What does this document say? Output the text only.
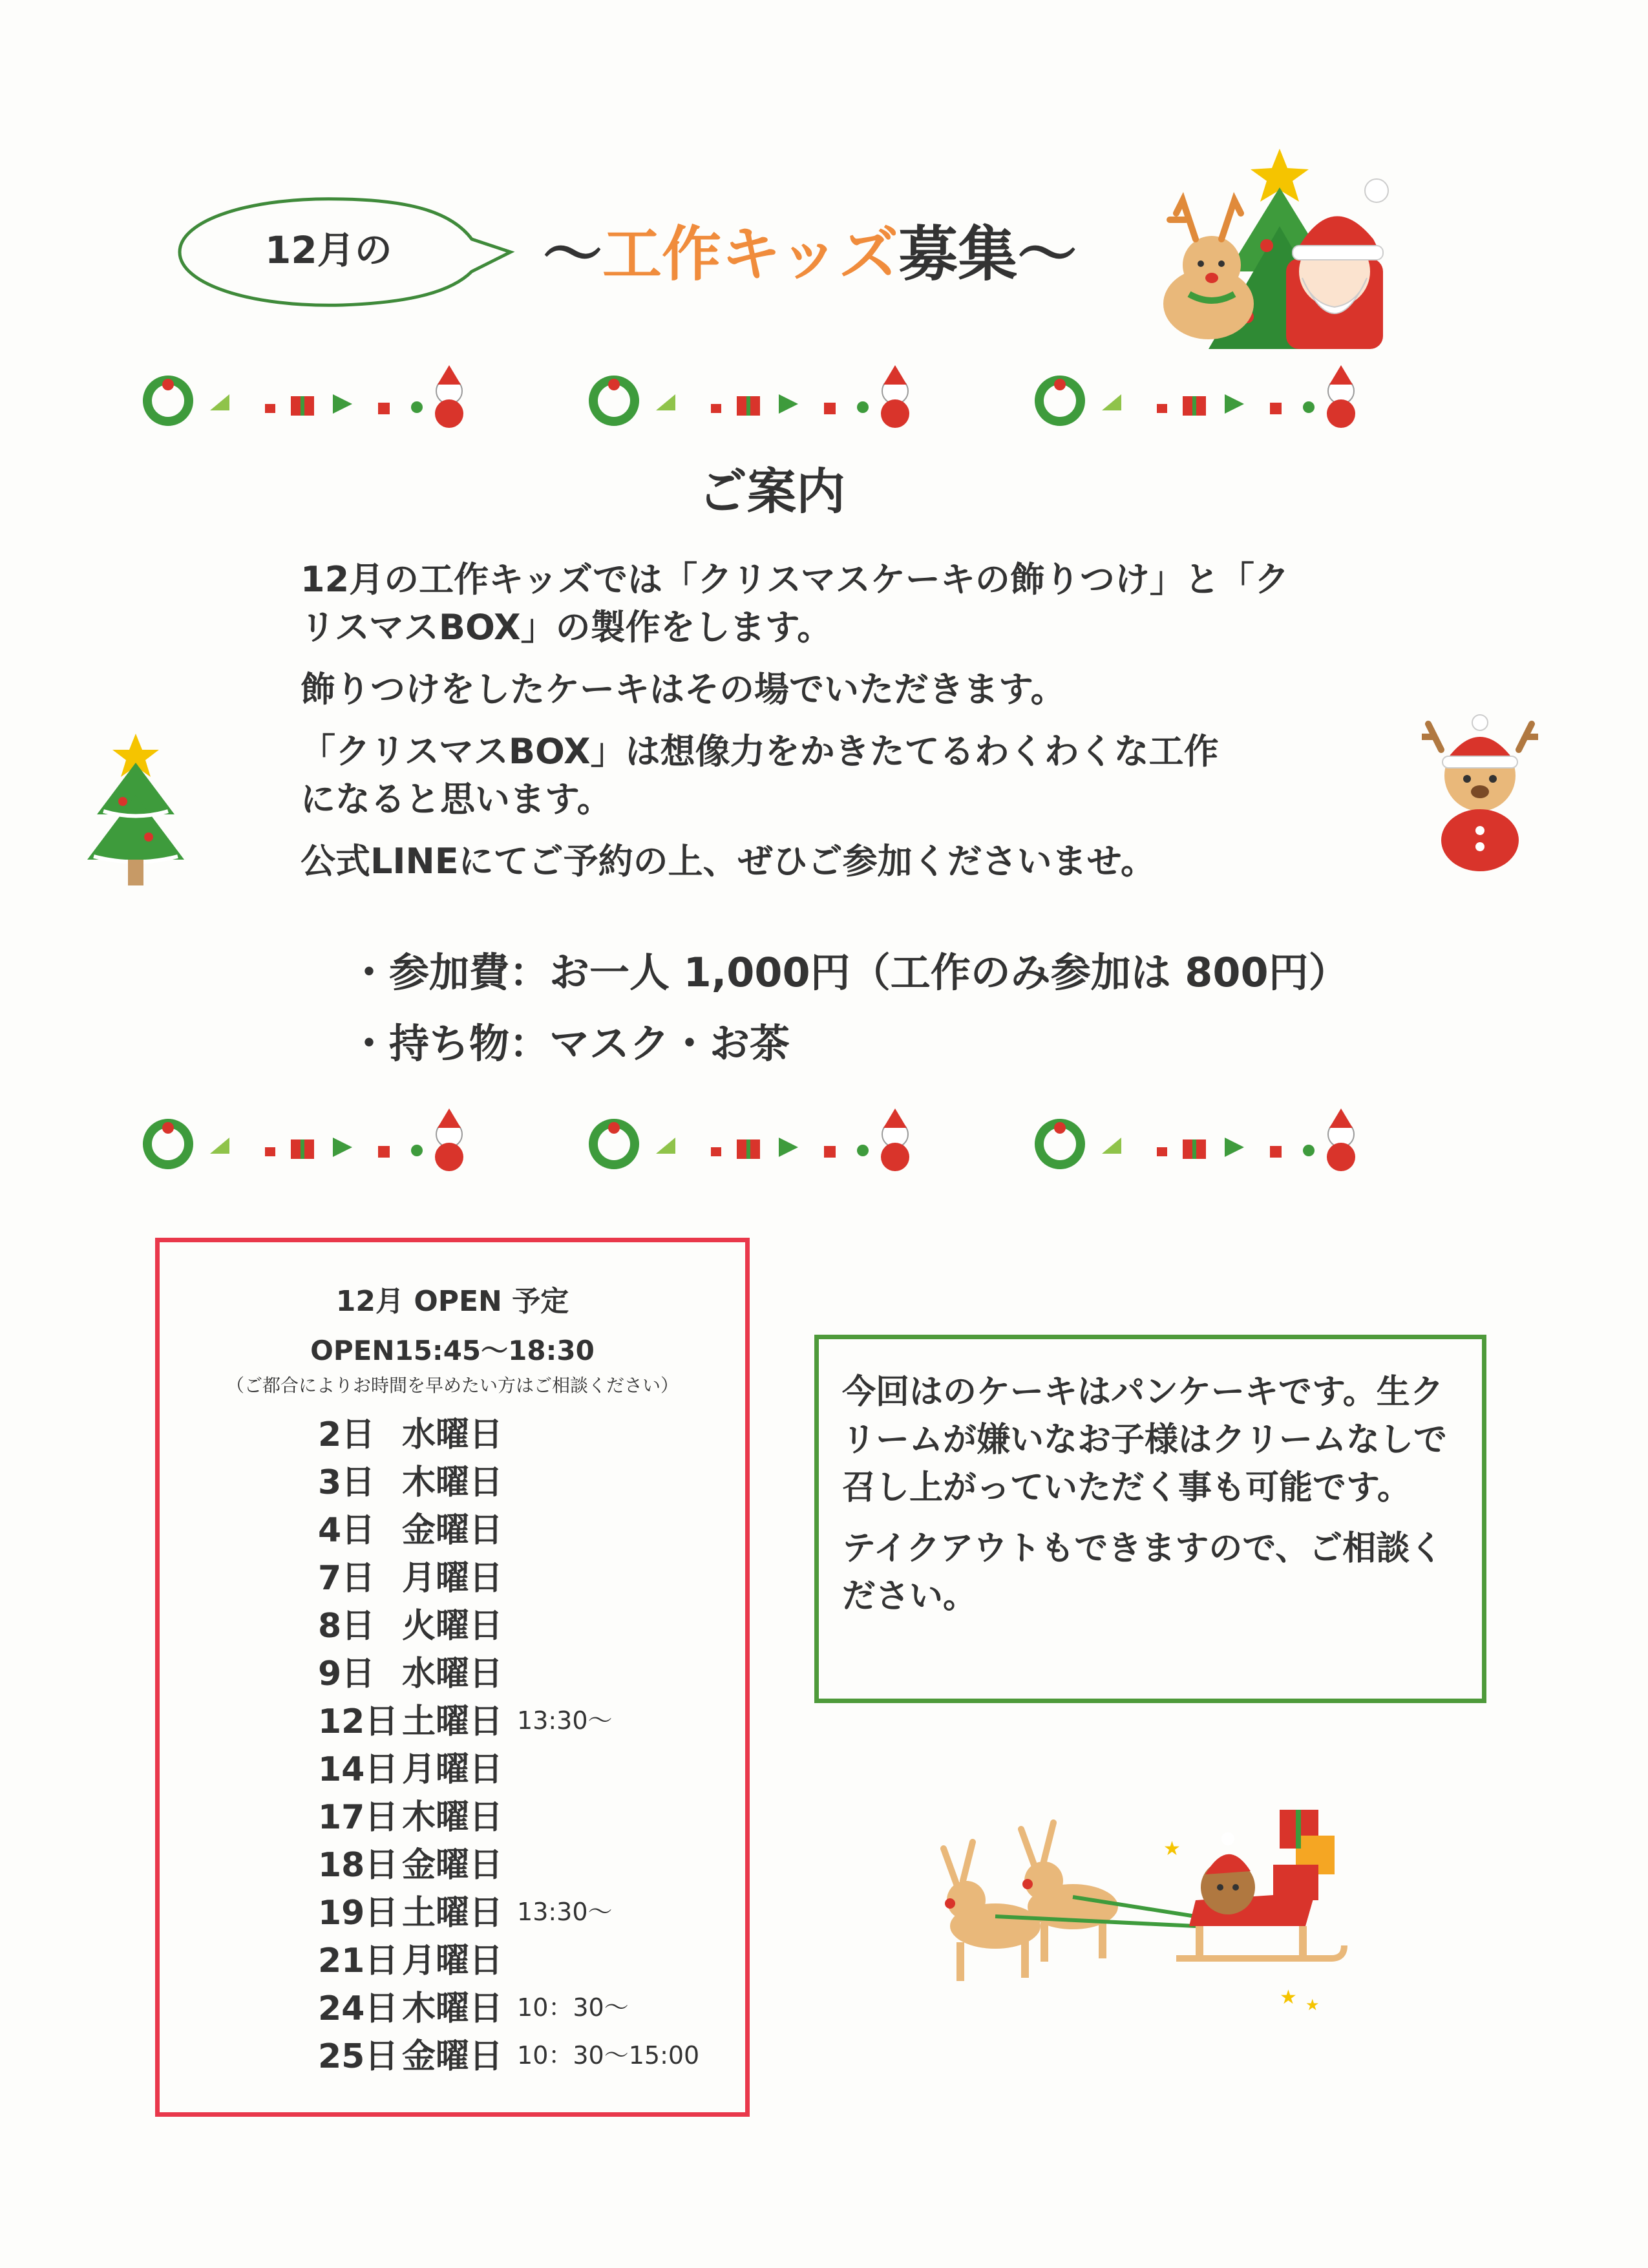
12月の	～工作キッズ募集～
ご案内

12月の工作キッズでは「クリスマスケーキの飾りつけ」と「クリスマスBOX」の製作をします。

飾りつけをしたケーキはその場でいただきます。

「クリスマスBOX」は想像力をかきたてるわくわくな工作になると思います。

公式LINEにてご予約の上、ぜひご参加くださいませ。

・参加費：お一人 1,000円（工作のみ参加は 800円）
・持ち物：マスク・お茶
12月 OPEN 予定
OPEN15:45～18:30
（ご都合によりお時間を早めたい方はご相談ください）
2日 水曜日
3日 木曜日
4日 金曜日
7日 月曜日
8日 火曜日
9日 水曜日
12日 土曜日 13:30～
14日 月曜日
17日 木曜日
18日 金曜日
19日 土曜日 13:30～
21日 月曜日
24日 木曜日 10：30～
25日 金曜日 10：30～15:00

今回はのケーキはパンケーキです。生クリームが嫌いなお子様はクリームなしで召し上がっていただく事も可能です。

テイクアウトもできますので、ご相談ください。

★
★
★
